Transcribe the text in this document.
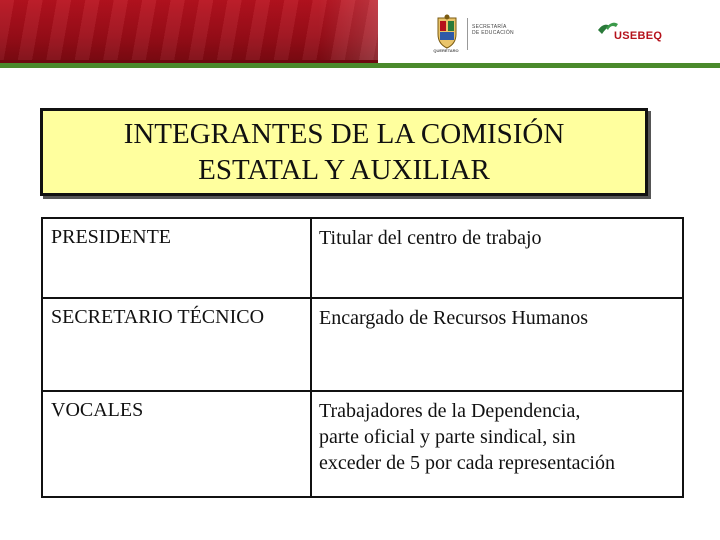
QUERÉTARO
SECRETARÍA
DE EDUCACIÓN	USEBEQ
INTEGRANTES DE LA COMISIÓN
ESTATAL Y AUXILIAR
PRESIDENTE	Titular del centro de trabajo
SECRETARIO TÉCNICO	Encargado de Recursos Humanos
VOCALES	Trabajadores de la Dependencia,
parte oficial y parte sindical, sin
exceder de 5 por cada representación
